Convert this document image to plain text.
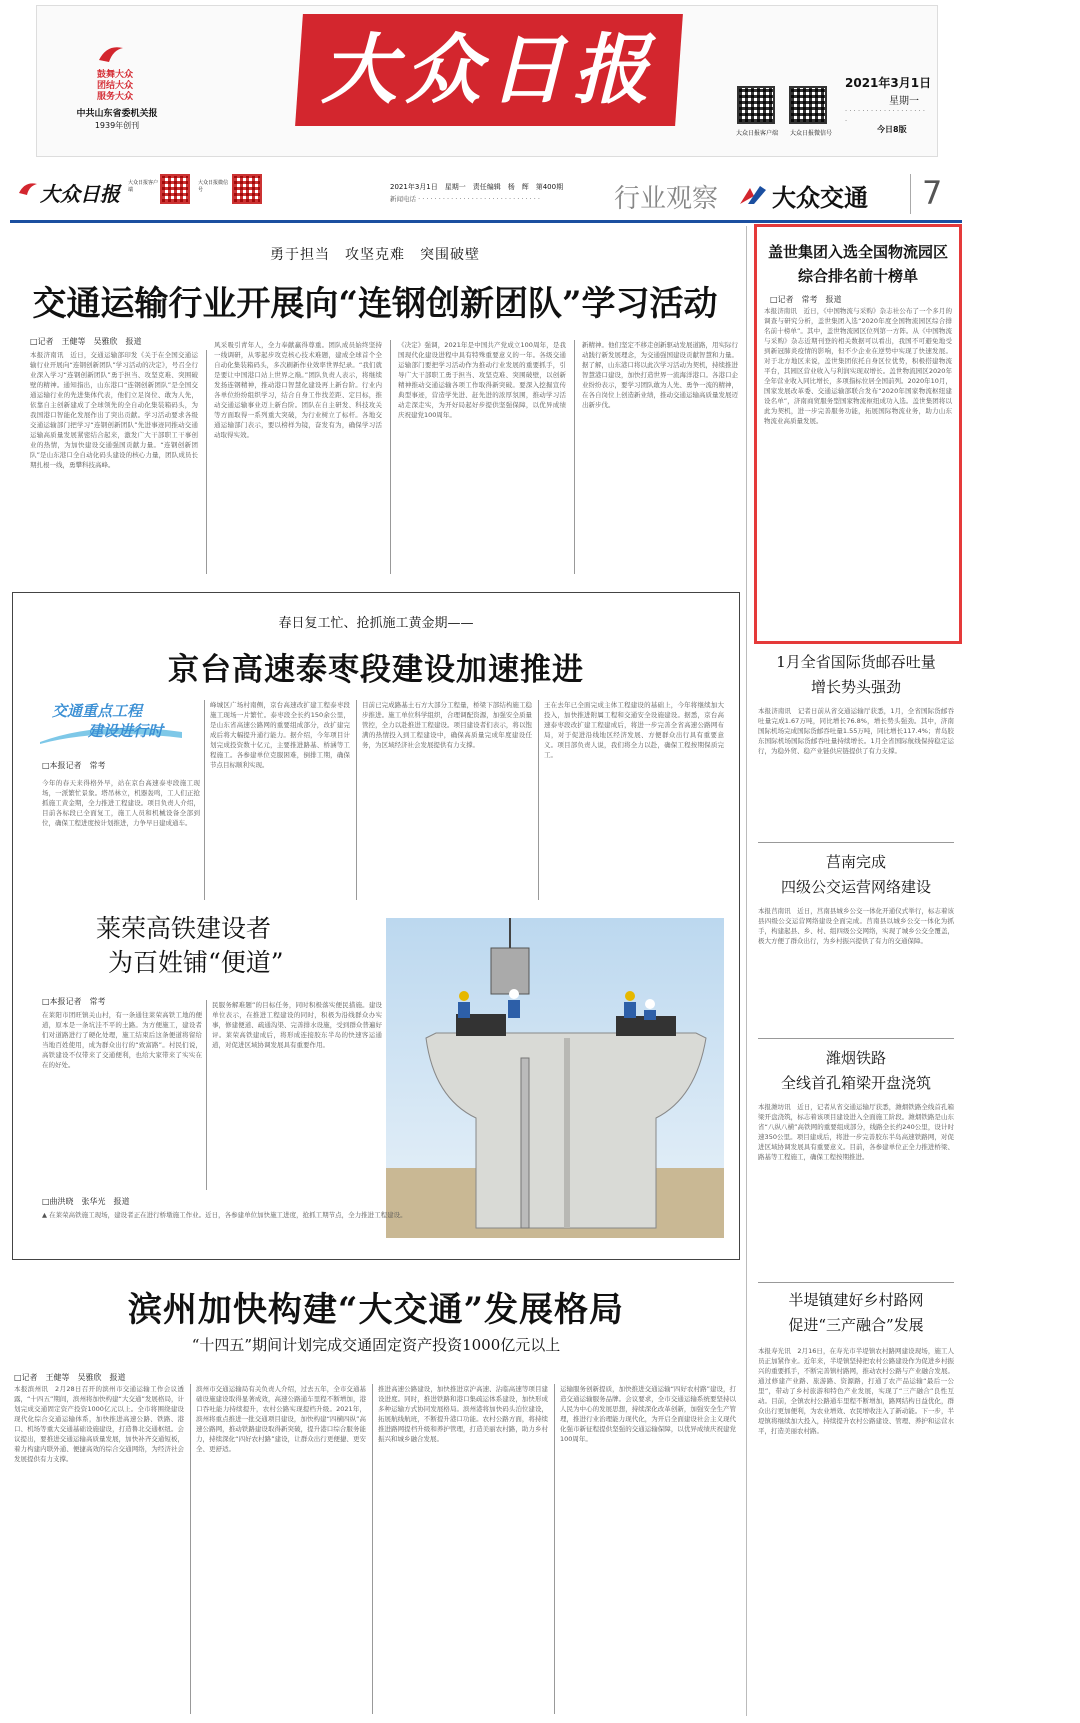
鼓舞大众
团结大众
服务大众
中共山东省委机关报
1939年创刊
大众日报
大众日报客户端	大众日报微信号
2021年3月1日
星期一
· · · · · · · · · · · · · · · · · · · ·
今日8版
大众日报 大众日报客户端
大众日报微信号	2021年3月1日　星期一　责任编辑　杨　辉　第400期
新闻电话 · · · · · · · · · · · · · · · · · · · · · · · · · · · · · ·	行业观察 大众交通 7
勇于担当　攻坚克难　突围破壁
交通运输行业开展向“连钢创新团队”学习活动
□记者　王健等　吴雅欣　报道
本报济南讯　近日，交通运输部印发《关于在全国交通运输行业开展向“连钢创新团队”学习活动的决定》，号召全行业深入学习“连钢创新团队”勇于担当、攻坚克难、突围破壁的精神。通知指出，山东港口“连钢创新团队”是全国交通运输行业的先进集体代表，他们立足岗位、敢为人先，依靠自主创新建成了全球领先的全自动化集装箱码头，为我国港口智能化发展作出了突出贡献。学习活动要求各级交通运输部门把学习“连钢创新团队”先进事迹同推动交通运输高质量发展紧密结合起来，激发广大干部职工干事创业的热情，为加快建设交通强国贡献力量。“连钢创新团队”是山东港口全自动化码头建设的核心力量，团队成员长期扎根一线，勇攀科技高峰。
风采吸引青年人，全力奉献赢得尊重。团队成员始终坚持一线调研，从零起步攻克核心技术难题，建成全球首个全自动化集装箱码头，多次刷新作业效率世界纪录。“我们就是要让中国港口站上世界之巅。”团队负责人表示，将继续发扬连钢精神，推动港口智慧化建设再上新台阶。行业内各单位纷纷组织学习，结合自身工作找差距、定目标，推动交通运输事业迈上新台阶。团队在自主研发、科技攻关等方面取得一系列重大突破，为行业树立了标杆。各地交通运输部门表示，要以榜样为镜，奋发有为，确保学习活动取得实效。
《决定》强调，2021年是中国共产党成立100周年，是我国现代化建设进程中具有特殊重要意义的一年。各级交通运输部门要把学习活动作为推动行业发展的重要抓手，引导广大干部职工勇于担当、攻坚克难、突围破壁，以创新精神推动交通运输各项工作取得新突破。要深入挖掘宣传典型事迹，营造学先进、赶先进的浓厚氛围，推动学习活动走深走实，为开好局起好步提供坚强保障，以优异成绩庆祝建党100周年。
新精神。他们坚定不移走创新驱动发展道路，用实际行动践行新发展理念，为交通强国建设贡献智慧和力量。据了解，山东港口将以此次学习活动为契机，持续推进智慧港口建设，加快打造世界一流海洋港口。各港口企业纷纷表示，要学习团队敢为人先、勇争一流的精神，在各自岗位上创造新业绩，推动交通运输高质量发展迈出新步伐。
春日复工忙、抢抓施工黄金期——
京台高速泰枣段建设加速推进
交通重点工程
建设进行时
□本报记者　常考
今年的春天来得格外早，站在京台高速泰枣段施工现场，一派繁忙景象。塔吊林立，机器轰鸣，工人们正抢抓施工黄金期，全力推进工程建设。项目负责人介绍，目前各标段已全面复工，施工人员和机械设备全部到位，确保工程进度按计划推进，力争早日建成通车。
峰城区广场村南侧，京台高速改扩建工程泰枣段施工现场一片繁忙。泰枣段全长约150余公里，是山东省高速公路网的重要组成部分，改扩建完成后将大幅提升通行能力。据介绍，今年项目计划完成投资数十亿元，主要推进路基、桥涵等工程施工。各参建单位克服困难，倒排工期，确保节点目标顺利实现。
目前已完成路基土石方大部分工程量，桥梁下部结构施工稳步推进。施工单位科学组织，合理调配资源，加强安全质量管控，全力以赴推进工程建设。项目建设者们表示，将以饱满的热情投入到工程建设中，确保高质量完成年度建设任务，为区域经济社会发展提供有力支撑。
王在去年已全面完成主体工程建设的基础上，今年将继续加大投入，加快推进附属工程和交通安全设施建设。据悉，京台高速泰枣段改扩建工程建成后，将进一步完善全省高速公路网布局，对于促进沿线地区经济发展、方便群众出行具有重要意义。项目部负责人说，我们将全力以赴，确保工程按期保质完工。
莱荣高铁建设者
为百姓铺“便道”
□本报记者　常考
在莱阳市团旺镇关山村，有一条通往莱荣高铁工地的便道，原本是一条坑洼不平的土路。为方便施工，建设者们对道路进行了硬化处理，施工结束后这条便道将留给当地百姓使用，成为群众出行的“致富路”。村民们说，高铁建设不仅带来了交通便利，也给大家带来了实实在在的好处。
民服务解难题”的目标任务，同时积极落实便民措施。建设单位表示，在推进工程建设的同时，积极为沿线群众办实事，修建便道、疏通沟渠、完善排水设施，受到群众普遍好评。莱荣高铁建成后，将形成连接胶东半岛的快速客运通道，对促进区域协调发展具有重要作用。
□曲洪晓　张华光　报道
▲ 在莱荣高铁施工现场，建设者正在进行桥墩施工作业。近日，各参建单位加快施工进度，抢抓工期节点，全力推进工程建设。
滨州加快构建“大交通”发展格局
“十四五”期间计划完成交通固定资产投资1000亿元以上
□记者　王健等　吴雅欣　报道
本报滨州讯　2月28日召开的滨州市交通运输工作会议透露，“十四五”期间，滨州将加快构建“大交通”发展格局，计划完成交通固定资产投资1000亿元以上。全市将围绕建设现代化综合交通运输体系，加快推进高速公路、铁路、港口、机场等重大交通基础设施建设，打造鲁北交通枢纽。会议提出，要推进交通运输高质量发展，加快补齐交通短板，着力构建内联外通、便捷高效的综合交通网络，为经济社会发展提供有力支撑。
滨州市交通运输局有关负责人介绍，过去五年，全市交通基础设施建设取得显著成效，高速公路通车里程不断增加，港口吞吐能力持续提升，农村公路实现提档升级。2021年，滨州将重点推进一批交通项目建设，加快构建“四横四纵”高速公路网，推动铁路建设取得新突破，提升港口综合服务能力，持续深化“四好农村路”建设，让群众出行更便捷、更安全、更舒适。
推进高速公路建设，加快推进京沪高速、沾临高速等项目建设进度。同时，推进铁路和港口集疏运体系建设，加快形成多种运输方式协同发展格局。滨州港将加快码头泊位建设，拓展航线航班，不断提升港口功能。农村公路方面，将持续推进路网提档升级和养护管理，打造美丽农村路，助力乡村振兴和城乡融合发展。
运输服务创新提质，加快推进交通运输“四好农村路”建设，打造交通运输服务品牌。会议要求，全市交通运输系统要坚持以人民为中心的发展思想，持续深化改革创新，加强安全生产管理，推进行业治理能力现代化，为开启全面建设社会主义现代化强市新征程提供坚强的交通运输保障，以优异成绩庆祝建党100周年。
盖世集团入选全国物流园区
综合排名前十榜单
□记者　常考　报道
本报济南讯　近日，《中国物流与采购》杂志社公布了一个多月的调查与研究分析，盖世集团入选“2020年度全国物流园区综合排名前十榜单”。其中，盖世物流园区位列第一方阵。从《中国物流与采购》杂志近期刊登的相关数据可以看出，我国不可避免地受到新冠肺炎疫情的影响，但不少企业在逆势中实现了快速发展。对于北方地区来说，盖世集团依托自身区位优势，积极搭建物流平台，其园区营业收入与利润实现双增长。盖世物流园区2020年全年营业收入同比增长，多项指标位居全国前列。2020年10月，国家发展改革委、交通运输部联合发布“2020年国家物流枢纽建设名单”，济南商贸服务型国家物流枢纽成功入选。盖世集团将以此为契机，进一步完善服务功能，拓展国际物流业务，助力山东物流业高质量发展。
1月全省国际货邮吞吐量
增长势头强劲
本报济南讯　记者日前从省交通运输厅获悉，1月，全省国际货邮吞吐量完成1.67万吨，同比增长76.8%，增长势头强劲。其中，济南国际机场完成国际货邮吞吐量1.55万吨，同比增长117.4%；青岛胶东国际机场国际货邮吞吐量持续增长。1月全省国际航线保持稳定运行，为稳外贸、稳产业链供应链提供了有力支撑。
莒南完成
四级公交运营网络建设
本报莒南讯　近日，莒南县城乡公交一体化开通仪式举行，标志着该县四级公交运营网络建设全面完成。莒南县以城乡公交一体化为抓手，构建起县、乡、村、组四级公交网络，实现了城乡公交全覆盖，极大方便了群众出行，为乡村振兴提供了有力的交通保障。
潍烟铁路
全线首孔箱梁开盘浇筑
本报潍坊讯　近日，记者从省交通运输厅获悉，潍烟铁路全线首孔箱梁开盘浇筑，标志着该项目建设进入全面施工阶段。潍烟铁路是山东省“八纵八横”高铁网的重要组成部分，线路全长约240公里，设计时速350公里。项目建成后，将进一步完善胶东半岛高速铁路网，对促进区域协调发展具有重要意义。目前，各参建单位正全力推进桥梁、路基等工程施工，确保工程按期推进。
半堤镇建好乡村路网
促进“三产融合”发展
本报寿光讯　2月16日，在寿光市半堤镇农村路网建设现场，施工人员正加紧作业。近年来，半堤镇坚持把农村公路建设作为促进乡村振兴的重要抓手，不断完善镇村路网，推动农村公路与产业融合发展。通过修建产业路、旅游路、资源路，打通了农产品运输“最后一公里”，带动了乡村旅游和特色产业发展，实现了“三产融合”良性互动。目前，全镇农村公路通车里程不断增加，路网结构日益优化，群众出行更加便利，为农业增效、农民增收注入了新动能。下一步，半堤镇将继续加大投入，持续提升农村公路建设、管理、养护和运营水平，打造美丽农村路。
